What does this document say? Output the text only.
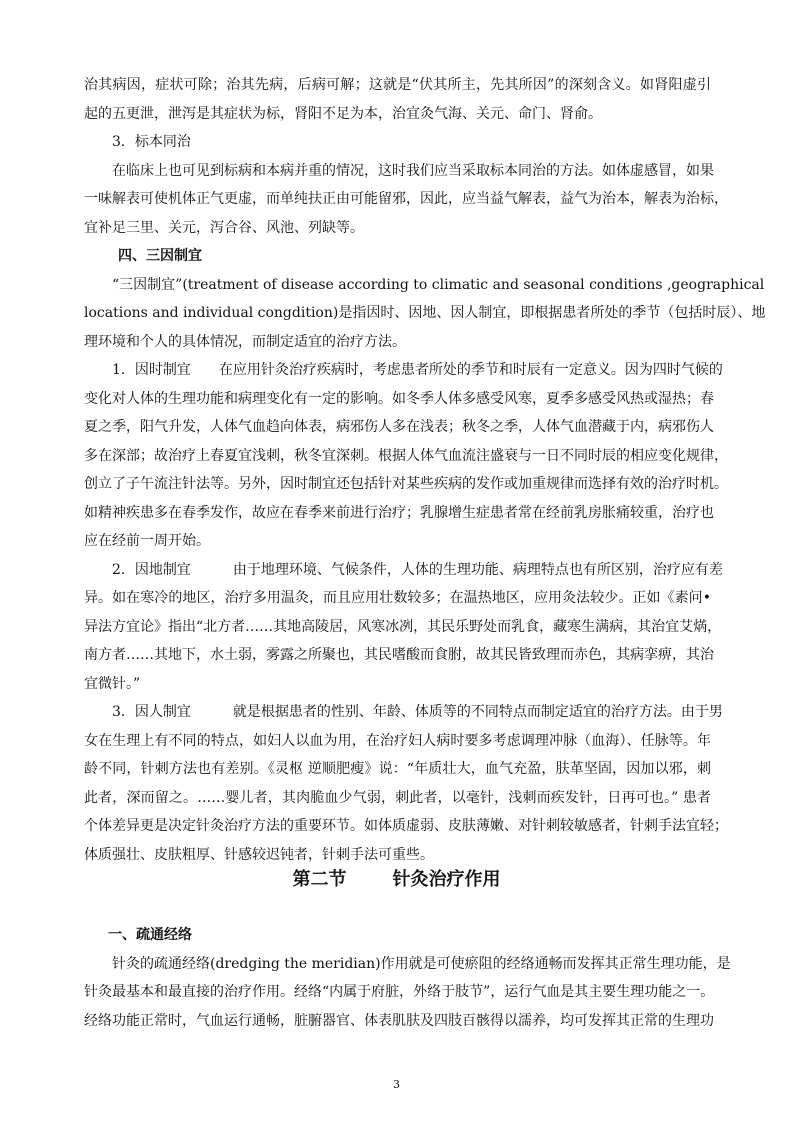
治其病因，症状可除；治其先病，后病可解；这就是“伏其所主，先其所因”的深刻含义。如肾阳虚引
起的五更泄，泄泻是其症状为标，肾阳不足为本，治宜灸气海、关元、命门、肾俞。
3．标本同治
在临床上也可见到标病和本病并重的情况，这时我们应当采取标本同治的方法。如体虚感冒，如果
一味解表可使机体正气更虚，而单纯扶正由可能留邪，因此，应当益气解表，益气为治本，解表为治标，
宜补足三里、关元，泻合谷、风池、列缺等。
四、三因制宜
“三因制宜”(treatment of disease according to climatic and seasonal conditions ,geographical
locations and individual congdition)是指因时、因地、因人制宜，即根据患者所处的季节（包括时辰）、地
理环境和个人的具体情况，而制定适宜的治疗方法。
1．因时制宜　　在应用针灸治疗疾病时，考虑患者所处的季节和时辰有一定意义。因为四时气候的
变化对人体的生理功能和病理变化有一定的影响。如冬季人体多感受风寒，夏季多感受风热或湿热；春
夏之季，阳气升发，人体气血趋向体表，病邪伤人多在浅表；秋冬之季，人体气血潜藏于内，病邪伤人
多在深部；故治疗上春夏宜浅刺，秋冬宜深刺。根据人体气血流注盛衰与一日不同时辰的相应变化规律，
创立了子午流注针法等。另外，因时制宜还包括针对某些疾病的发作或加重规律而选择有效的治疗时机。
如精神疾患多在春季发作，故应在春季来前进行治疗；乳腺增生症患者常在经前乳房胀痛较重，治疗也
应在经前一周开始。
2．因地制宜　　　由于地理环境、气候条件，人体的生理功能、病理特点也有所区别，治疗应有差
异。如在寒冷的地区，治疗多用温灸，而且应用壮数较多；在温热地区，应用灸法较少。正如《素问•
异法方宜论》指出“北方者……其地高陵居，风寒冰冽，其民乐野处而乳食，藏寒生满病，其治宜艾焫，
南方者……其地下，水土弱，雾露之所聚也，其民嗜酸而食胕，故其民皆致理而赤色，其病挛痹，其治
宜微针。”
3．因人制宜　　　就是根据患者的性别、年龄、体质等的不同特点而制定适宜的治疗方法。由于男
女在生理上有不同的特点，如妇人以血为用，在治疗妇人病时要多考虑调理冲脉（血海）、任脉等。年
龄不同，针刺方法也有差别。《灵枢 逆顺肥瘦》说：“年质壮大，血气充盈，肤革坚固，因加以邪，刺
此者，深而留之。……婴儿者，其肉脆血少气弱，刺此者，以毫针，浅刺而疾发针，日再可也。” 患者
个体差异更是决定针灸治疗方法的重要环节。如体质虚弱、皮肤薄嫩、对针刺较敏感者，针刺手法宜轻；
体质强壮、皮肤粗厚、针感较迟钝者，针刺手法可重些。
第二节	针灸治疗作用
一、疏通经络
针灸的疏通经络(dredging the meridian)作用就是可使瘀阻的经络通畅而发挥其正常生理功能，是
针灸最基本和最直接的治疗作用。经络“内属于府脏，外络于肢节”，运行气血是其主要生理功能之一。
经络功能正常时，气血运行通畅，脏腑器官、体表肌肤及四肢百骸得以濡养，均可发挥其正常的生理功
3
